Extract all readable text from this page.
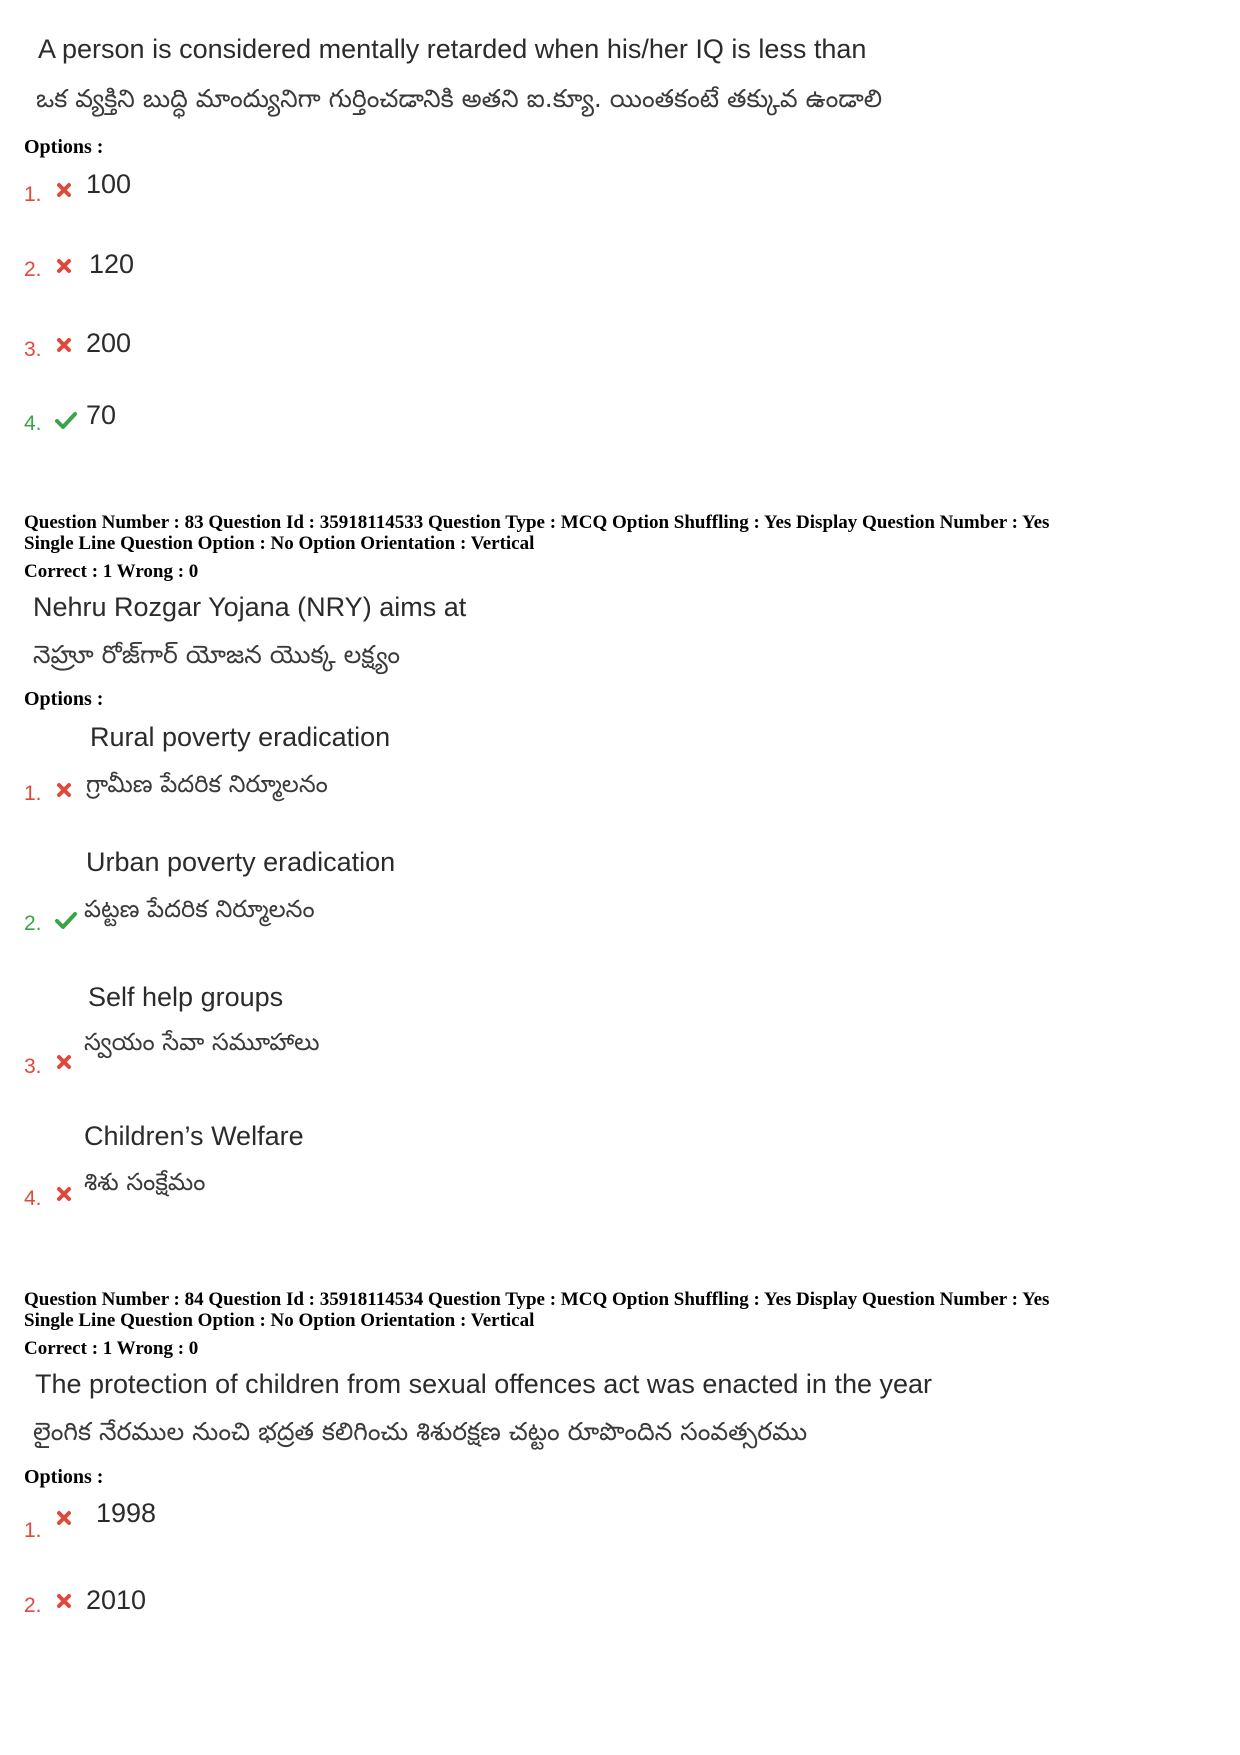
A person is considered mentally retarded when his/her IQ is less than
ఒక వ్యక్తిని బుద్ధి మాంద్యునిగా గుర్తించడానికి అతని ఐ.క్యూ. యింతకంటే తక్కువ ఉండాలి
Options :
1. 100
2. 120
3. 200
4. 70
Question Number : 83 Question Id : 35918114533 Question Type : MCQ Option Shuffling : Yes Display Question Number : Yes
Single Line Question Option : No Option Orientation : Vertical
Correct : 1 Wrong : 0
Nehru Rozgar Yojana (NRY) aims at
నెహ్రూ రోజ్‌గార్ యోజన యొక్క లక్ష్యం
Options :
Rural poverty eradication
గ్రామీణ పేదరిక నిర్మూలనం
1.
Urban poverty eradication
పట్టణ పేదరిక నిర్మూలనం
2.
Self help groups
స్వయం సేవా సమూహాలు
3.
Children’s Welfare
శిశు సంక్షేమం
4.
Question Number : 84 Question Id : 35918114534 Question Type : MCQ Option Shuffling : Yes Display Question Number : Yes
Single Line Question Option : No Option Orientation : Vertical
Correct : 1 Wrong : 0
The protection of children from sexual offences act was enacted in the year
లైంగిక నేరముల నుంచి భద్రత కలిగించు శిశురక్షణ చట్టం రూపొందిన సంవత్సరము
Options :
1.
1998
2. 2010
